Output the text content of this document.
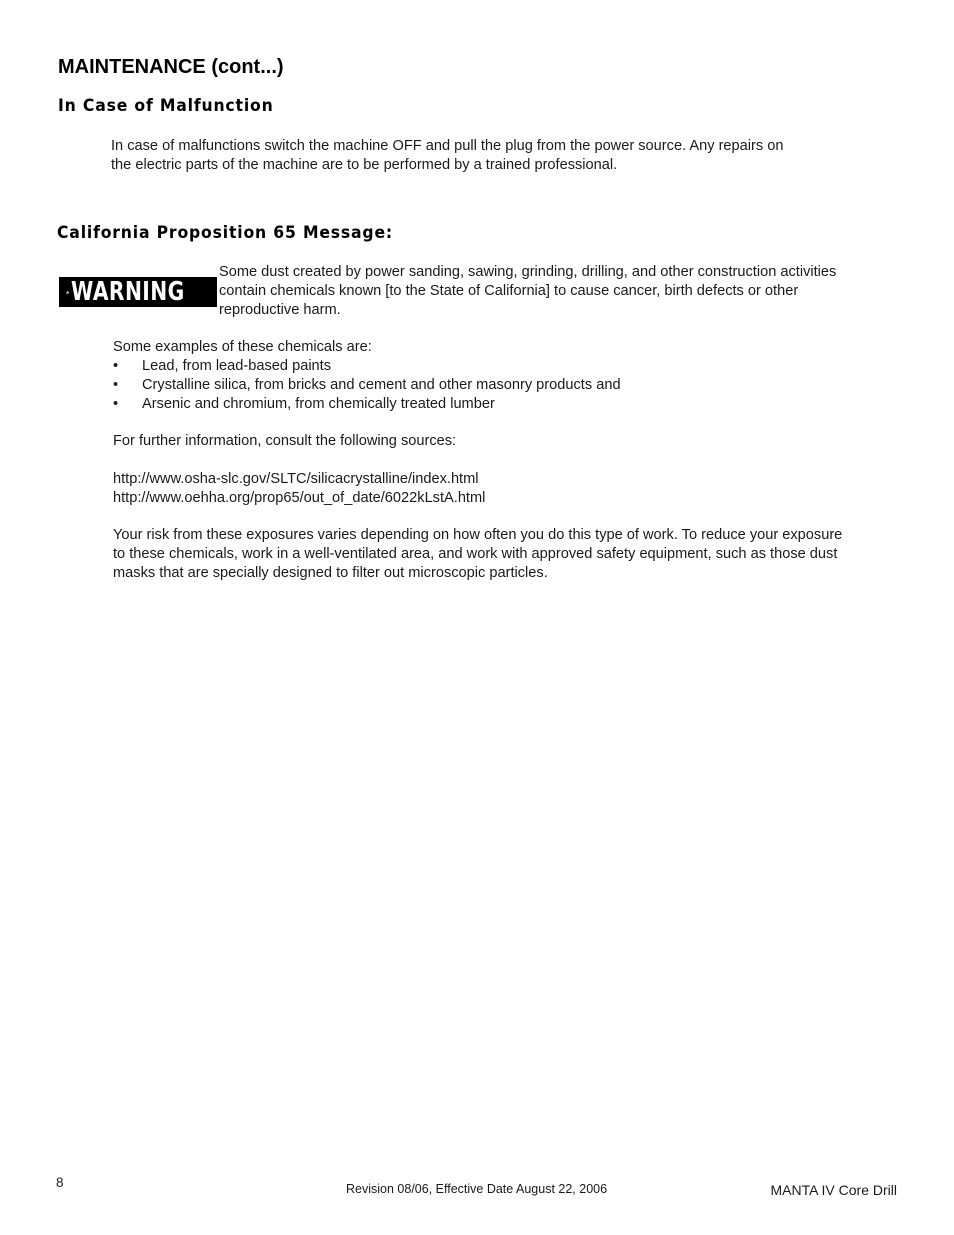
MAINTENANCE (cont...)
In Case of Malfunction
In case of malfunctions switch the machine OFF and pull the plug from the power source. Any repairs on
the electric parts of the machine are to be performed by a trained professional.
California Proposition 65 Message:
WARNING
Some dust created by power sanding, sawing, grinding, drilling, and other construction activities
contain chemicals known [to the State of California] to cause cancer, birth defects or other
reproductive harm.
Some examples of these chemicals are:
• Lead, from lead-based paints
• Crystalline silica, from bricks and cement and other masonry products and
• Arsenic and chromium, from chemically treated lumber
For further information, consult the following sources:
http://www.osha-slc.gov/SLTC/silicacrystalline/index.html
http://www.oehha.org/prop65/out_of_date/6022kLstA.html
Your risk from these exposures varies depending on how often you do this type of work. To reduce your exposure
to these chemicals, work in a well-ventilated area, and work with approved safety equipment, such as those dust
masks that are specially designed to filter out microscopic particles.
8	Revision 08/06, Effective Date August 22, 2006	MANTA IV Core Drill
